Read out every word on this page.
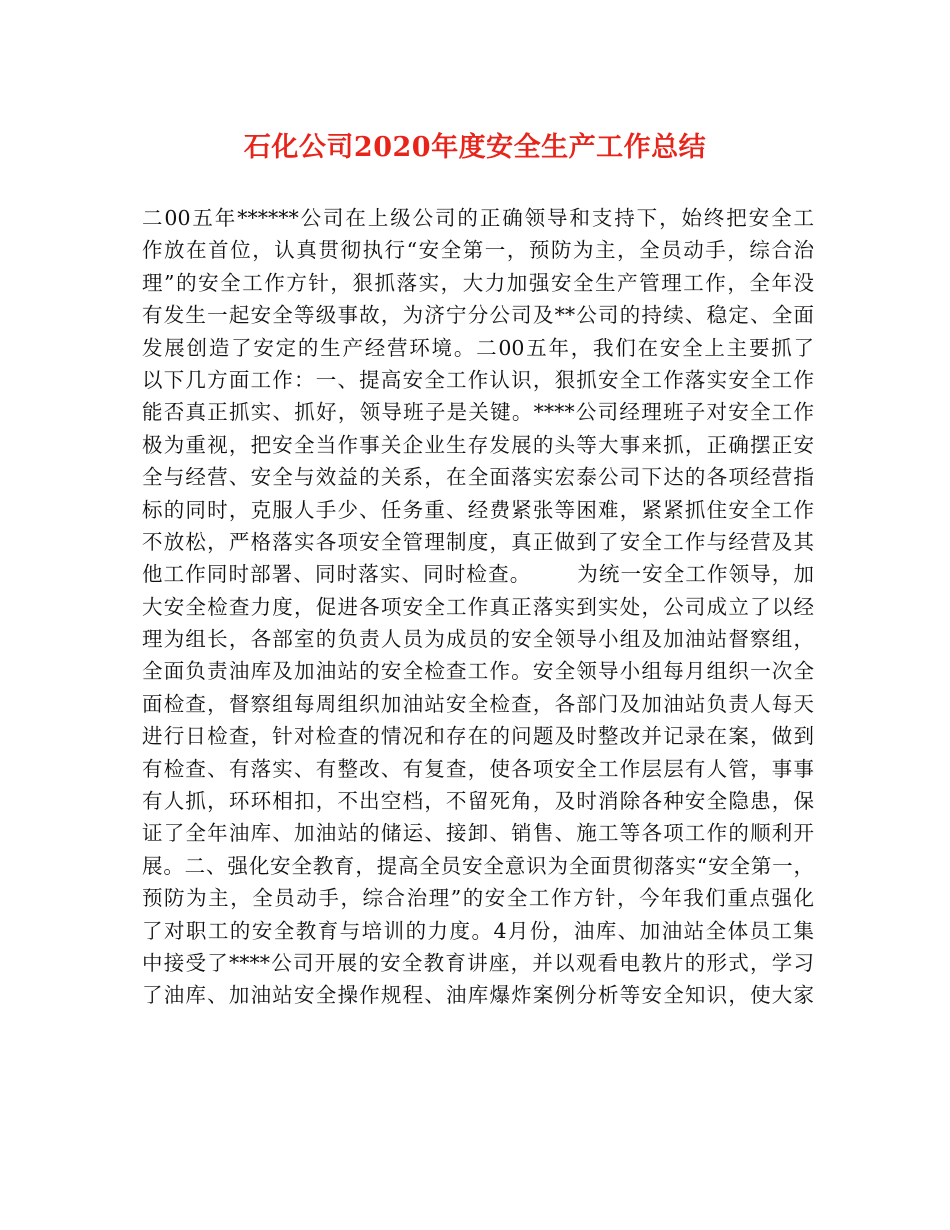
石化公司2020年度安全生产工作总结
二00五年******公司在上级公司的正确领导和支持下，始终把安全工
作放在首位，认真贯彻执行“安全第一，预防为主，全员动手，综合治
理”的安全工作方针，狠抓落实，大力加强安全生产管理工作，全年没
有发生一起安全等级事故，为济宁分公司及**公司的持续、稳定、全面
发展创造了安定的生产经营环境。二00五年，我们在安全上主要抓了
以下几方面工作：一、提高安全工作认识，狠抓安全工作落实安全工作
能否真正抓实、抓好，领导班子是关键。****公司经理班子对安全工作
极为重视，把安全当作事关企业生存发展的头等大事来抓，正确摆正安
全与经营、安全与效益的关系，在全面落实宏泰公司下达的各项经营指
标的同时，克服人手少、任务重、经费紧张等困难，紧紧抓住安全工作
不放松，严格落实各项安全管理制度，真正做到了安全工作与经营及其
他工作同时部署、同时落实、同时检查。      为统一安全工作领导，加
大安全检查力度，促进各项安全工作真正落实到实处，公司成立了以经
理为组长，各部室的负责人员为成员的安全领导小组及加油站督察组，
全面负责油库及加油站的安全检查工作。安全领导小组每月组织一次全
面检查，督察组每周组织加油站安全检查，各部门及加油站负责人每天
进行日检查，针对检查的情况和存在的问题及时整改并记录在案，做到
有检查、有落实、有整改、有复查，使各项安全工作层层有人管，事事
有人抓，环环相扣，不出空档，不留死角，及时消除各种安全隐患，保
证了全年油库、加油站的储运、接卸、销售、施工等各项工作的顺利开
展。二、强化安全教育，提高全员安全意识为全面贯彻落实“安全第一，
预防为主，全员动手，综合治理”的安全工作方针，今年我们重点强化
了对职工的安全教育与培训的力度。4月份，油库、加油站全体员工集
中接受了****公司开展的安全教育讲座，并以观看电教片的形式，学习
了油库、加油站安全操作规程、油库爆炸案例分析等安全知识，使大家
